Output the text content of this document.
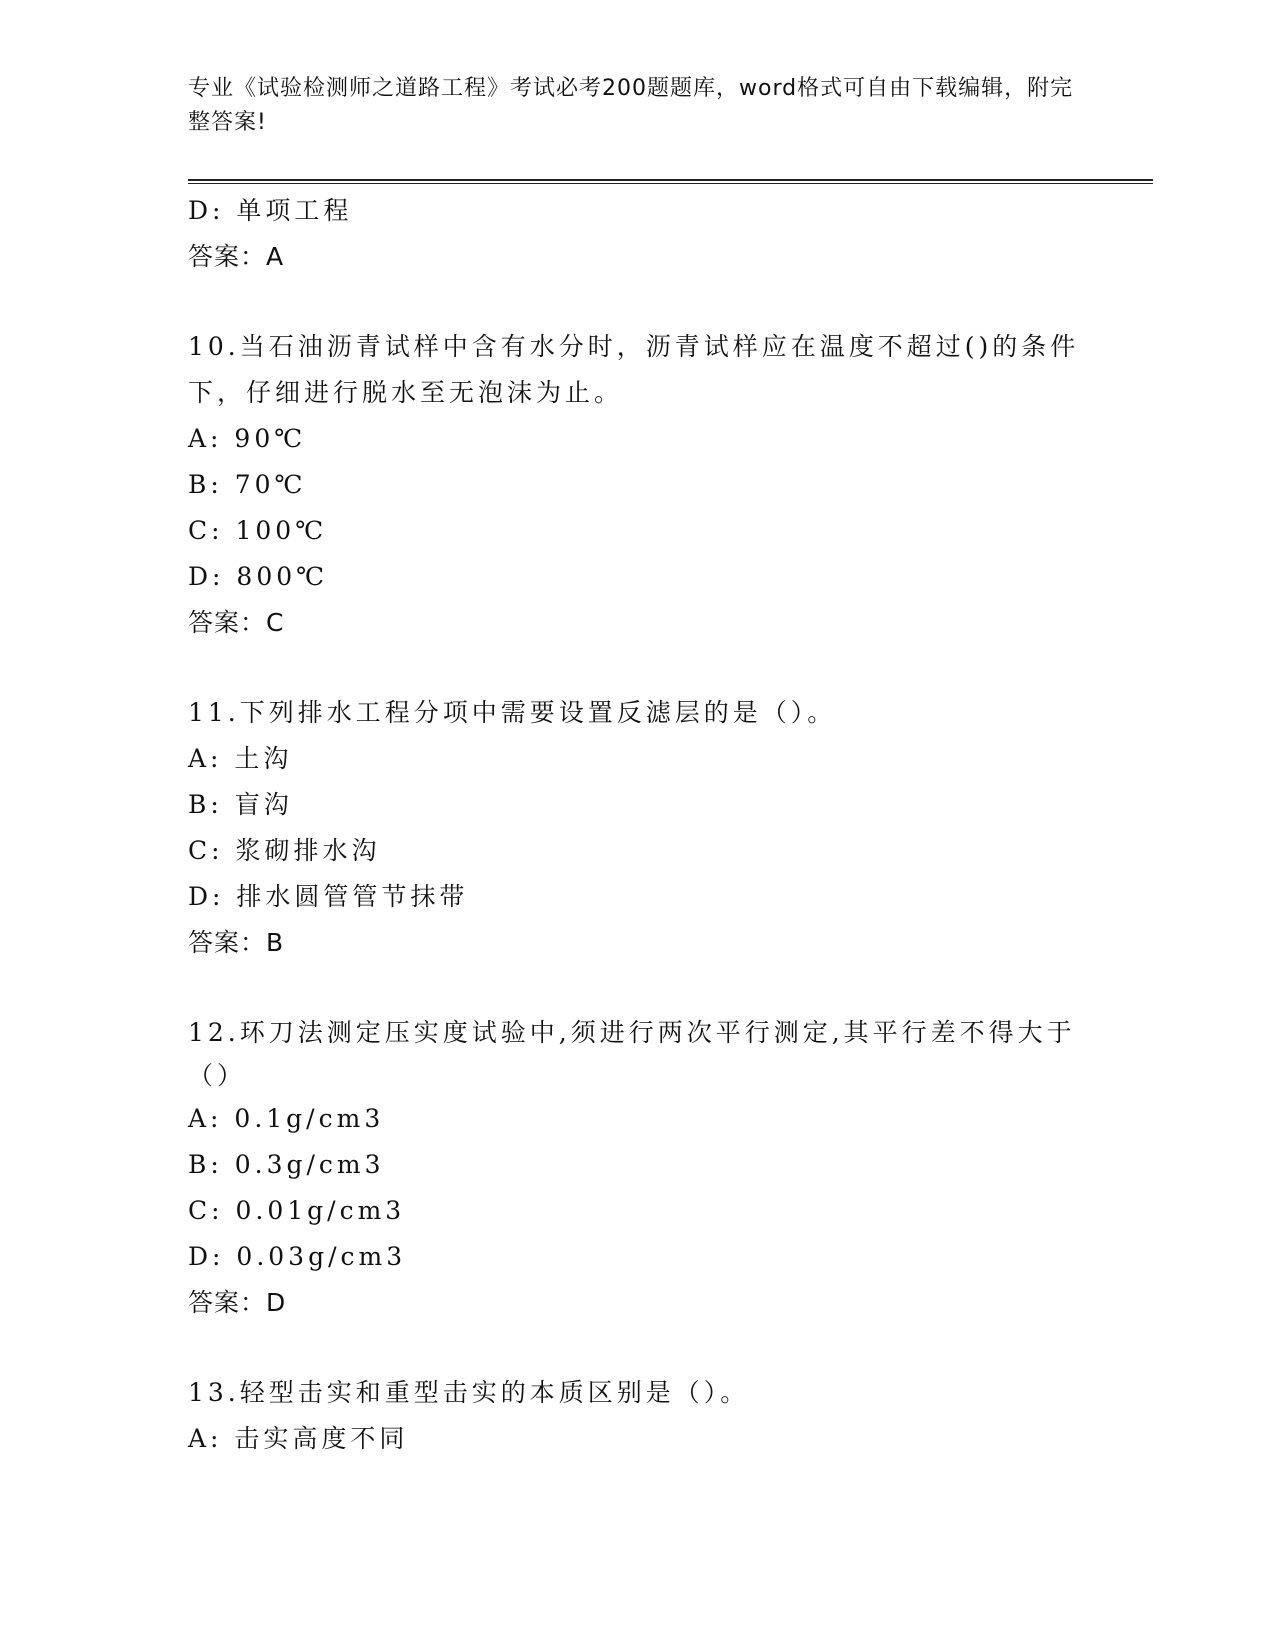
专业《试验检测师之道路工程》考试必考200题题库，word格式可自由下载编辑，附完整答案!
D: 单项工程
答案：A
10.当石油沥青试样中含有水分时，沥青试样应在温度不超过()的条件
下，仔细进行脱水至无泡沫为止。
A: 90℃
B: 70℃
C: 100℃
D: 800℃
答案：C
11.下列排水工程分项中需要设置反滤层的是（）。
A: 土沟
B: 盲沟
C: 浆砌排水沟
D: 排水圆管管节抹带
答案：B
12.环刀法测定压实度试验中,须进行两次平行测定,其平行差不得大于
（）
A: 0.1g/cm3
B: 0.3g/cm3
C: 0.01g/cm3
D: 0.03g/cm3
答案：D
13.轻型击实和重型击实的本质区别是（）。
A: 击实高度不同
